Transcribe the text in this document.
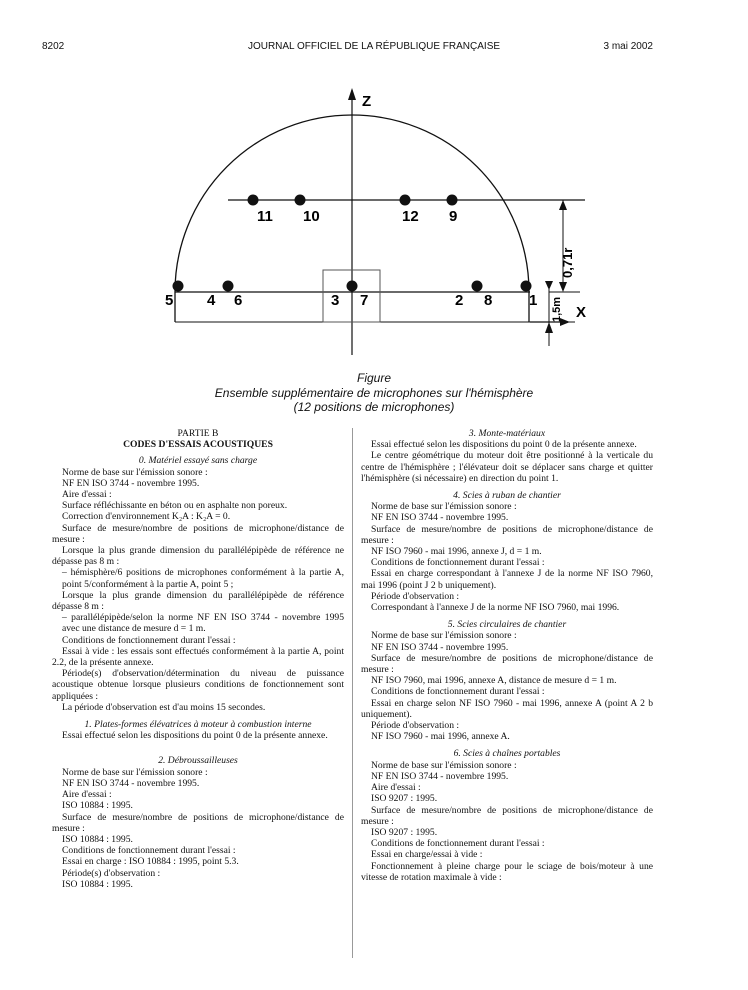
8202	JOURNAL OFFICIEL DE LA RÉPUBLIQUE FRANÇAISE	3 mai 2002
Z
X
11 10	12 9
5 4 6	3 7	2 8 1
0,71r
1,5m
Figure
Ensemble supplémentaire de microphones sur l'hémisphère
(12 positions de microphones)
PARTIE B
CODES D'ESSAIS ACOUSTIQUES
0. Matériel essayé sans charge
Norme de base sur l'émission sonore :
NF EN ISO 3744 - novembre 1995.
Aire d'essai :
Surface réfléchissante en béton ou en asphalte non poreux.
Correction d'environnement K₂A : K₂A = 0.
Surface de mesure/nombre de positions de microphone/distance de mesure :
Lorsque la plus grande dimension du parallélépipède de référence ne dépasse pas 8 m :
– hémisphère/6 positions de microphones conformément à la partie A, point 5/conformément à la partie A, point 5 ;
Lorsque la plus grande dimension du parallélépipède de référence dépasse 8 m :
– parallélépipède/selon la norme NF EN ISO 3744 - novembre 1995 avec une distance de mesure d = 1 m.
Conditions de fonctionnement durant l'essai :
Essai à vide : les essais sont effectués conformément à la partie A, point 2.2, de la présente annexe.
Période(s) d'observation/détermination du niveau de puissance acoustique obtenue lorsque plusieurs conditions de fonctionnement sont appliquées :
La période d'observation est d'au moins 15 secondes.
1. Plates-formes élévatrices à moteur à combustion interne
Essai effectué selon les dispositions du point 0 de la présente annexe.
2. Débroussailleuses
Norme de base sur l'émission sonore :
NF EN ISO 3744 - novembre 1995.
Aire d'essai :
ISO 10884 : 1995.
Surface de mesure/nombre de positions de microphone/distance de mesure :
ISO 10884 : 1995.
Conditions de fonctionnement durant l'essai :
Essai en charge : ISO 10884 : 1995, point 5.3.
Période(s) d'observation :
ISO 10884 : 1995.
3. Monte-matériaux
Essai effectué selon les dispositions du point 0 de la présente annexe.
Le centre géométrique du moteur doit être positionné à la verticale du centre de l'hémisphère ; l'élévateur doit se déplacer sans charge et quitter l'hémisphère (si nécessaire) en direction du point 1.
4. Scies à ruban de chantier
Norme de base sur l'émission sonore :
NF EN ISO 3744 - novembre 1995.
Surface de mesure/nombre de positions de microphone/distance de mesure :
NF ISO 7960 - mai 1996, annexe J, d = 1 m.
Conditions de fonctionnement durant l'essai :
Essai en charge correspondant à l'annexe J de la norme NF ISO 7960, mai 1996 (point J 2 b uniquement).
Période d'observation :
Correspondant à l'annexe J de la norme NF ISO 7960, mai 1996.
5. Scies circulaires de chantier
Norme de base sur l'émission sonore :
NF EN ISO 3744 - novembre 1995.
Surface de mesure/nombre de positions de microphone/distance de mesure :
NF ISO 7960, mai 1996, annexe A, distance de mesure d = 1 m.
Conditions de fonctionnement durant l'essai :
Essai en charge selon NF ISO 7960 - mai 1996, annexe A (point A 2 b uniquement).
Période d'observation :
NF ISO 7960 - mai 1996, annexe A.
6. Scies à chaînes portables
Norme de base sur l'émission sonore :
NF EN ISO 3744 - novembre 1995.
Aire d'essai :
ISO 9207 : 1995.
Surface de mesure/nombre de positions de microphone/distance de mesure :
ISO 9207 : 1995.
Conditions de fonctionnement durant l'essai :
Essai en charge/essai à vide :
Fonctionnement à pleine charge pour le sciage de bois/moteur à une vitesse de rotation maximale à vide :
